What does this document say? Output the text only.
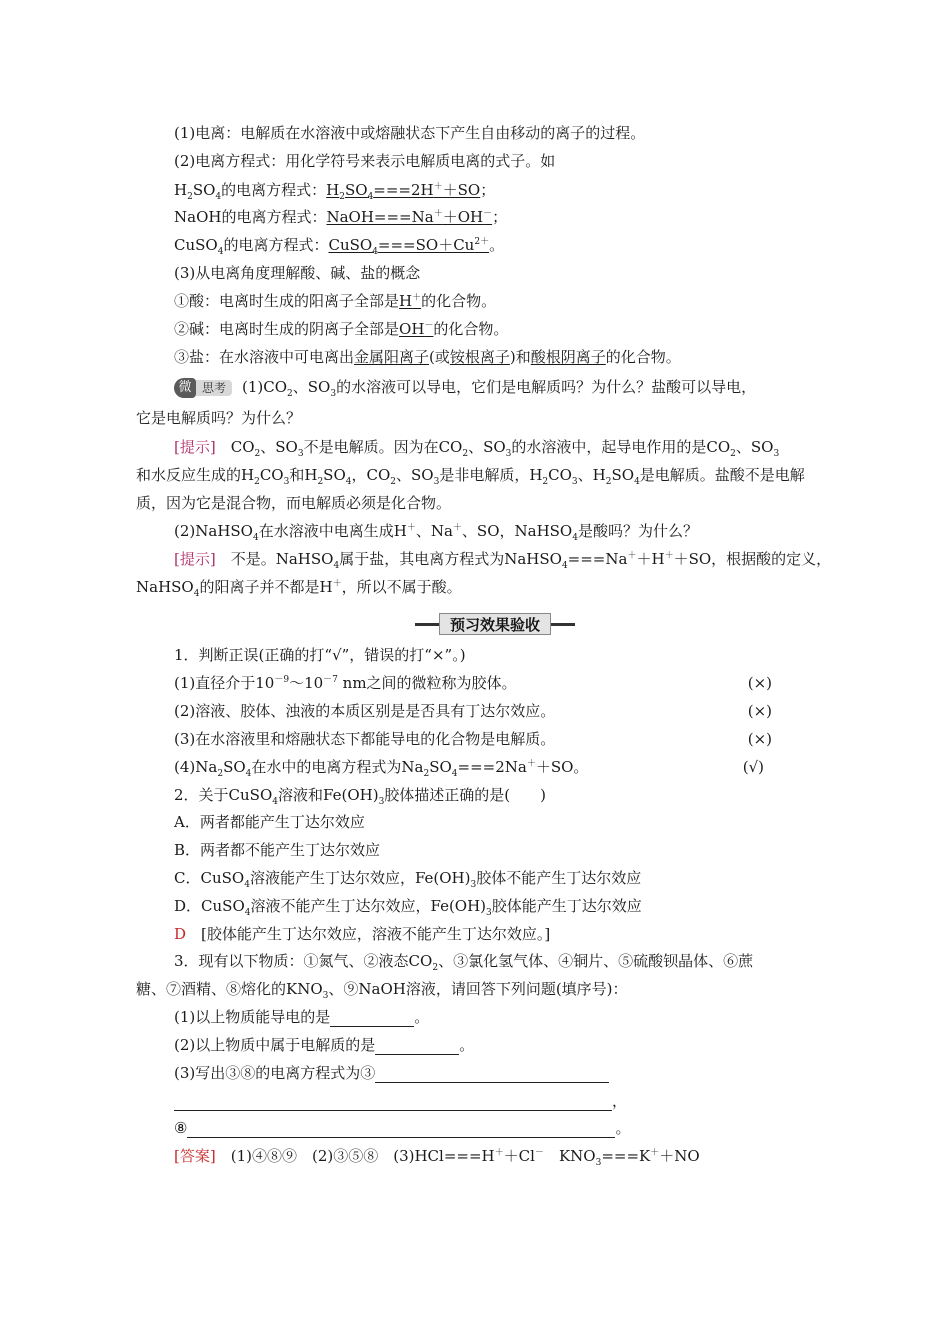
(1)电离：电解质在水溶液中或熔融状态下产生自由移动的离子的过程。
(2)电离方程式：用化学符号来表示电解质电离的式子。如
$H_2SO_4$的电离方程式：$H_2SO_4===2H^++SO$；
NaOH的电离方程式：NaOH===Na＋＋OH－；
CuSO$_4$的电离方程式：$CuSO_4===SO+Cu^{2+}$。
(3)从电离角度理解酸、碱、盐的概念
①酸：电离时生成的阳离子全部是H＋的化合物。
②碱：电离时生成的阴离子全部是OH－的化合物。
③盐：在水溶液中可电离出金属阳离子(或铵根离子)和酸根阴离子的化合物。
微 思考	$(1)CO_2$、$SO_3$的水溶液可以导电，它们是电解质吗？为什么？盐酸可以导电，
它是电解质吗？为什么？
[提示]　 $CO_2$、$SO_3$不是电解质。因为在$CO_2$、$SO_3$的水溶液中，起导电作用的是$CO_2$、$SO_3$
和水反应生成的$H_2CO_3$和$H_2SO_4$，$CO_2$、$SO_3$是非电解质，$H_2CO_3$、$H_2SO_4$是电解质。盐酸不是电解
质，因为它是混合物，而电解质必须是化合物。
(2)NaHSO$_4$在水溶液中电离生成H＋、Na＋、SO，NaHSO$_4$是酸吗？为什么？
[提示]　 不是。NaHSO$_4$属于盐，其电离方程式为NaHSO$_4$===Na＋＋H＋＋SO，根据酸的定义，
NaHSO$_4$的阳离子并不都是H＋，所以不属于酸。
预习效果验收
1．判断正误(正确的打“√”，错误的打“×”。)
(1)直径介于$10^{-9}\sim 10^{-7}$ nm之间的微粒称为胶体。	(×)
(2)溶液、胶体、浊液的本质区别是是否具有丁达尔效应。	(×)
(3)在水溶液里和熔融状态下都能导电的化合物是电解质。	(×)
$(4)Na_2SO_4$在水中的电离方程式为$Na_2SO_4===2Na^++SO$。	(√)
2．关于CuSO$_4$溶液和$Fe(OH)_3$胶体描述正确的是(　　)
A．两者都能产生丁达尔效应
B．两者都不能产生丁达尔效应
C．CuSO$_4$溶液能产生丁达尔效应，$Fe(OH)_3$胶体不能产生丁达尔效应
D．CuSO$_4$溶液不能产生丁达尔效应，$Fe(OH)_3$胶体能产生丁达尔效应
D　 [胶体能产生丁达尔效应，溶液不能产生丁达尔效应。]
3．现有以下物质：①氮气、②液态$CO_2$、③氯化氢气体、④铜片、⑤硫酸钡晶体、⑥蔗
糖、⑦酒精、⑧熔化的$KNO_3$、⑨NaOH溶液，请回答下列问题(填序号)：
(1)以上物质能导电的是	。
(2)以上物质中属于电解质的是	。
(3)写出③⑧的电离方程式为③
，
⑧	。
[答案]　 (1)④⑧⑨　(2)③⑤⑧　(3)HCl===H＋＋Cl－　$KNO_3===K^++NO$
